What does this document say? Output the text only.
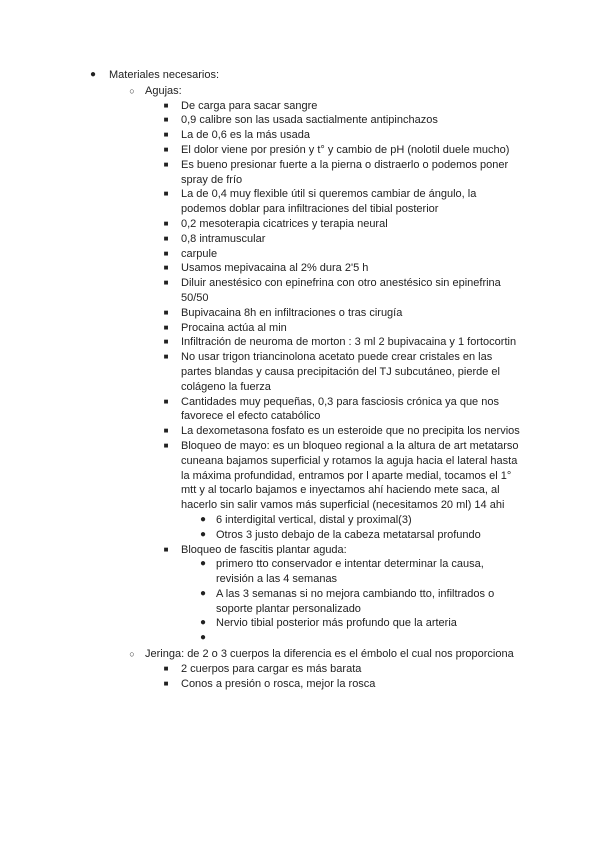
● Materiales necesarios:
○ Agujas:
■	De carga para sacar sangre
■	0,9 calibre son las usada sactialmente antipinchazos
■	La de 0,6 es la más usada
■	El dolor viene por presión y t° y cambio de pH (nolotil duele mucho)
■	Es bueno presionar fuerte a la pierna o distraerlo o podemos poner spray de frío
■	La de 0,4 muy flexible útil si queremos cambiar de ángulo, la podemos doblar para infiltraciones del tibial posterior
■	0,2 mesoterapia cicatrices y terapia neural
■	0,8 intramuscular
■	carpule
■	Usamos mepivacaina al 2% dura 2'5 h
■	Diluir anestésico con epinefrina con otro anestésico sin epinefrina 50/50
■	Bupivacaina 8h en infiltraciones o tras cirugía
■	Procaina actúa al min
■	Infiltración de neuroma de morton : 3 ml 2 bupivacaina y 1 fortocortin
■	No usar trigon triancinolona acetato puede crear cristales en las partes blandas y causa precipitación del TJ subcutáneo, pierde el colágeno la fuerza
■	Cantidades muy pequeñas, 0,3 para fasciosis crónica ya que nos favorece el efecto catabólico
■	La dexometasona fosfato es un esteroide que no precipita los nervios
■	Bloqueo de mayo: es un bloqueo regional a la altura de art metatarso cuneana bajamos superficial y rotamos la aguja hacia el lateral hasta la máxima profundidad, entramos por l aparte medial, tocamos el 1° mtt y al tocarlo bajamos e inyectamos ahí haciendo mete saca, al hacerlo sin salir vamos más superficial (necesitamos 20 ml) 14 ahi
● 6 interdigital vertical, distal y proximal(3)
● Otros 3 justo debajo de la cabeza metatarsal profundo
■	Bloqueo de fascitis plantar aguda:
● primero tto conservador e intentar determinar la causa, revisión a las 4 semanas
● A las 3 semanas si no mejora cambiando tto, infiltrados o soporte plantar personalizado
● Nervio tibial posterior más profundo que la arteria
●

○ Jeringa: de 2 o 3 cuerpos la diferencia es el émbolo el cual nos proporciona
■	2 cuerpos para cargar es más barata
■	Conos a presión o rosca, mejor la rosca
